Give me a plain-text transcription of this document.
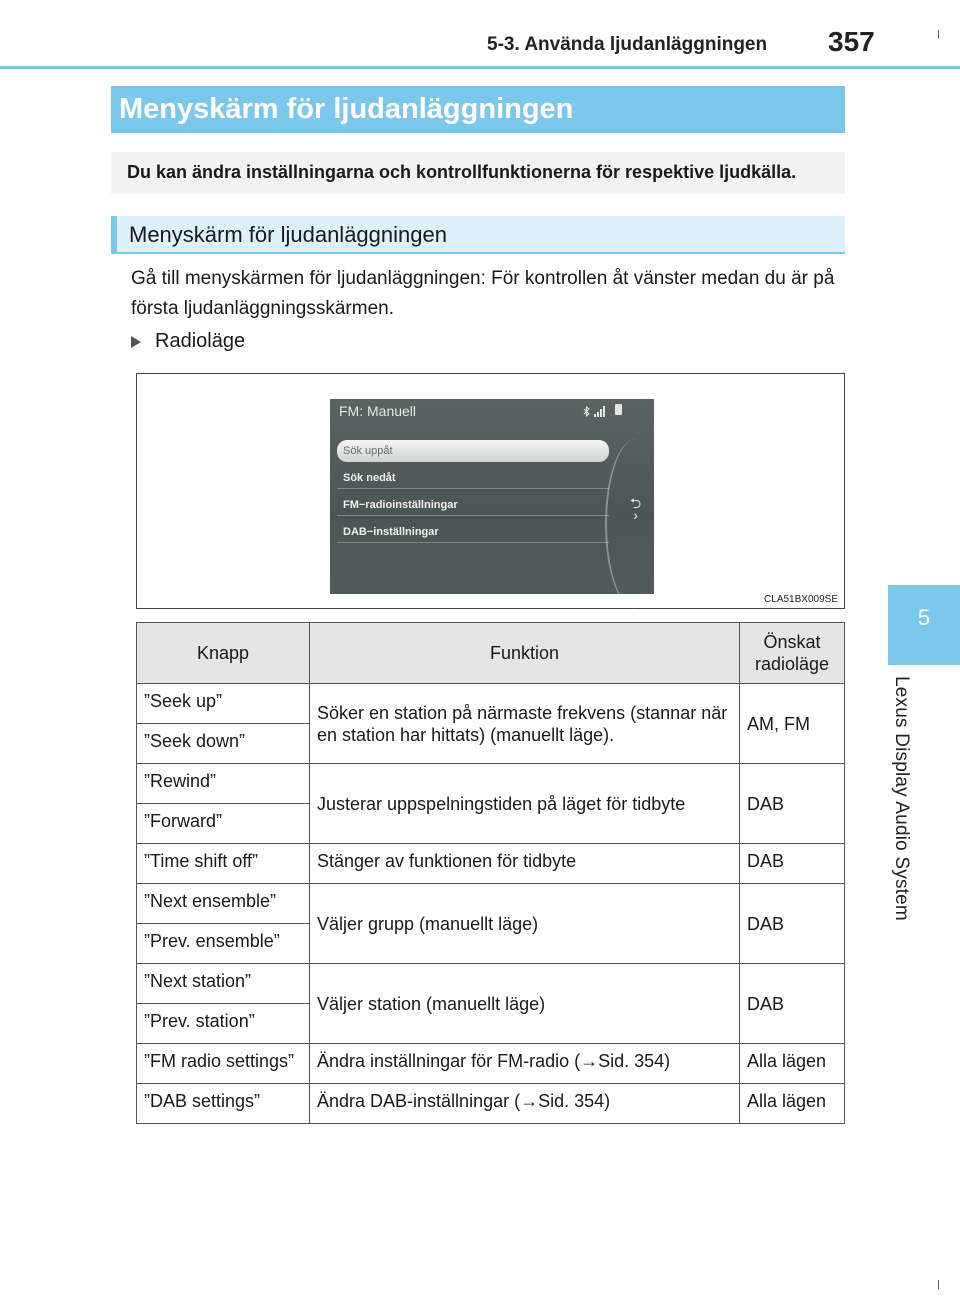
5-3. Använda ljudanläggningen 357
5
Lexus Display Audio System
Menyskärm för ljudanläggningen
Du kan ändra inställningarna och kontrollfunktionerna för respektive ljudkälla.
Menyskärm för ljudanläggningen
Gå till menyskärmen för ljudanläggningen: För kontrollen åt vänster medan du är på första ljudanläggningsskärmen.
Radioläge
FM: Manuell
Sök uppåt
Sök nedåt
FM−radioinställningar
DAB−inställningar
⮌
›
CLA51BX009SE
Knapp	Funktion	Önskat radioläge
”Seek up”	Söker en station på närmaste frekvens (stannar när en station har hittats) (manuellt läge).	AM, FM
”Seek down”		
”Rewind”	Justerar uppspelningstiden på läget för tidbyte	DAB
”Forward”		
”Time shift off”	Stänger av funktionen för tidbyte	DAB
”Next ensemble”	Väljer grupp (manuellt läge)	DAB
”Prev. ensemble”		
”Next station”	Väljer station (manuellt läge)	DAB
”Prev. station”		
”FM radio settings”	Ändra inställningar för FM-radio (→Sid. 354)	Alla lägen
”DAB settings”	Ändra DAB-inställningar (→Sid. 354)	Alla lägen
